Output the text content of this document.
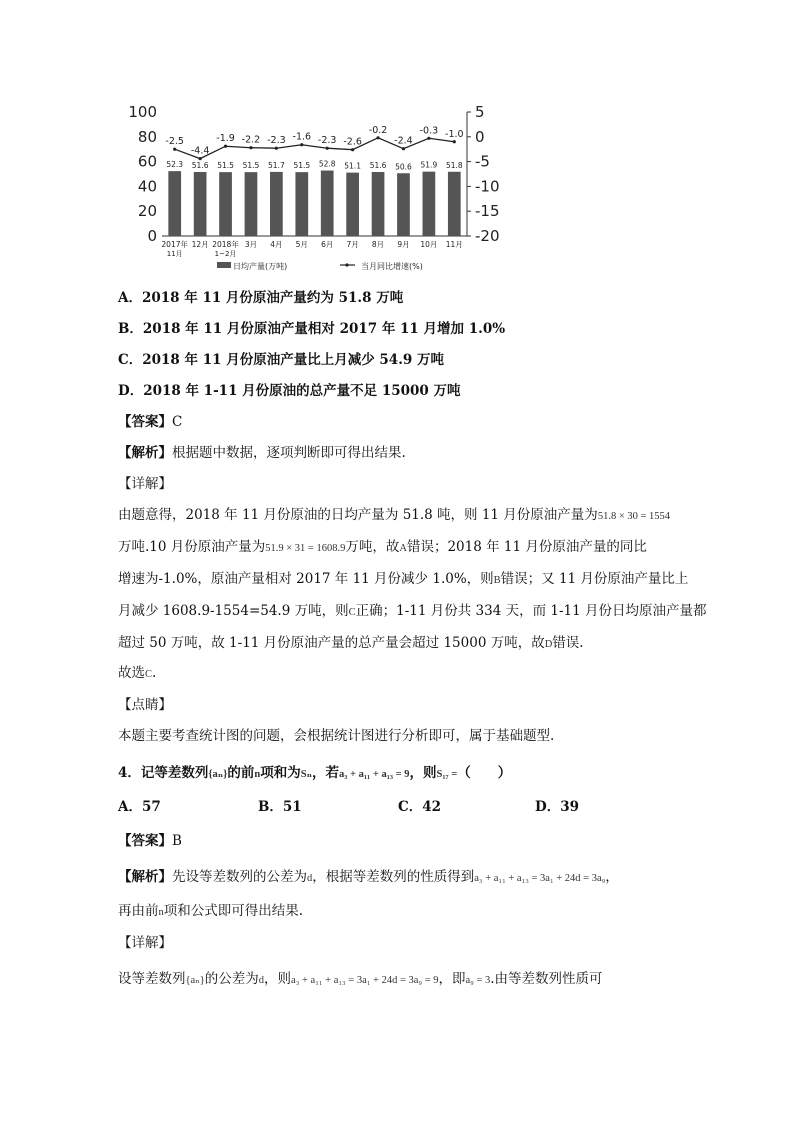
100
80
60
40
20
0
5
0
-5
-10
-15
-20
52.3 51.6 51.5 51.5 51.7 51.5 52.8 51.1 51.6 50.6 51.9 51.8
-2.5
-4.4
-1.9 -2.2 -2.3 -1.6 -2.3 -2.6
-0.2
-2.4
-0.3 -1.0
2017年
11月
12月 2018年
1~2月
3月 4月 5月 6月 7月 8月 9月 10月 11月
日均产量(万吨)	当月同比增速(%)
A．2018 年 11 月份原油产量约为 51.8 万吨
B．2018 年 11 月份原油产量相对 2017 年 11 月增加 1.0%
C．2018 年 11 月份原油产量比上月减少 54.9 万吨
D．2018 年 1-11 月份原油的总产量不足 15000 万吨
【答案】C
【解析】根据题中数据，逐项判断即可得出结果.
【详解】
由题意得，2018 年 11 月份原油的日均产量为 51.8 吨，则 11 月份原油产量为51.8 × 30 = 1554
万吨.10 月份原油产量为51.9 × 31 = 1608.9万吨，故A错误；2018 年 11 月份原油产量的同比
增速为-1.0%，原油产量相对 2017 年 11 月份减少 1.0%，则B错误；又 11 月份原油产量比上
月减少 1608.9-1554=54.9 万吨，则C正确；1-11 月份共 334 天，而 1-11 月份日均原油产量都
超过 50 万吨，故 1-11 月份原油产量的总产量会超过 15000 万吨，故D错误.
故选C.
【点睛】
本题主要考查统计图的问题，会根据统计图进行分析即可，属于基础题型.
4．记等差数列{aₙ}的前n项和为Sₙ，若a₃ + a₁₁ + a₁₃ = 9，则S₁₇ =（　　）
A．57	B．51	C．42	D．39
【答案】B
【解析】先设等差数列的公差为d，根据等差数列的性质得到a₃ + a₁₁ + a₁₃ = 3a₁ + 24d = 3a₉，
再由前n项和公式即可得出结果.
【详解】
设等差数列{aₙ}的公差为d，则a₃ + a₁₁ + a₁₃ = 3a₁ + 24d = 3a₉ = 9，即a₉ = 3.由等差数列性质可
